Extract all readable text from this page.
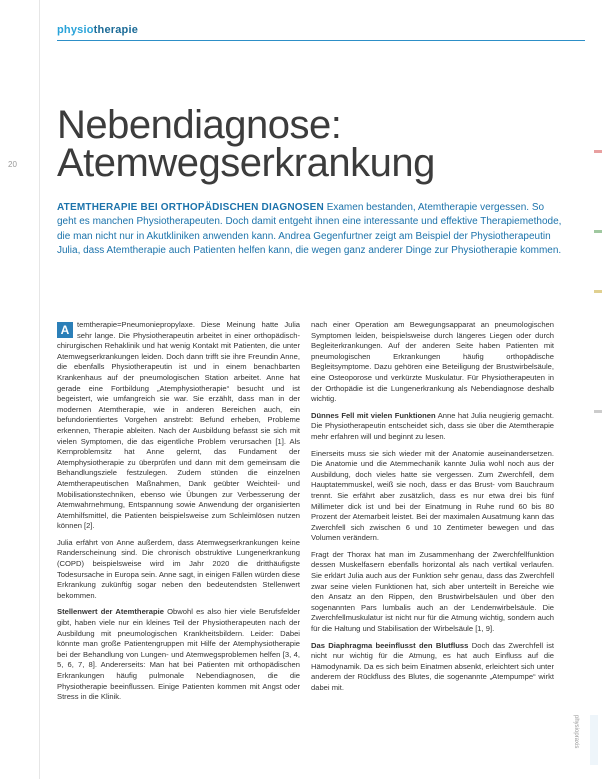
20
physiotherapie
Nebendiagnose:
Atemwegserkrankung
ATEMTHERAPIE BEI ORTHOPÄDISCHEN DIAGNOSEN Examen bestanden, Atemtherapie vergessen. So geht es manchen Physiotherapeuten. Doch damit entgeht ihnen eine interessante und effektive Therapiemethode, die man nicht nur in Akutkliniken anwenden kann. Andrea Gegenfurtner zeigt am Beispiel der Physiotherapeutin Julia, dass Atemtherapie auch Patienten helfen kann, die wegen ganz anderer Dinge zur Physiotherapie kommen.

A	temtherapie=Pneumoniepropylaxe. Diese Meinung hatte Julia sehr lange. Die Physiotherapeutin arbeitet in einer orthopädisch-chirurgischen Rehaklinik und hat wenig Kontakt mit Patienten, die unter Atemwegserkrankungen leiden. Doch dann trifft sie ihre Freundin Anne, die ebenfalls Physiotherapeutin ist und in einem benachbarten Krankenhaus auf der pneumologischen Station arbeitet. Anne hat gerade eine Fortbildung „Atemphysiotherapie“ besucht und ist begeistert, wie umfangreich sie war. Sie erzählt, dass man in der modernen Atemtherapie, wie in anderen Bereichen auch, ein befundorientiertes Vorgehen anstrebt: Befund erheben, Probleme erkennen, Therapie ableiten. Nach der Ausbildung befasst sie sich mit vielen Symptomen, die das eigentliche Problem verursachen [1]. Als Kernproblemsitz hat Anne gelernt, das Fundament der Atemphysiotherapie zu überprüfen und dann mit dem gemeinsam die Behandlungsziele festzulegen. Zudem stünden die einzelnen Atemtherapeutischen Maßnahmen, Dank geübter Weichteil- und Mobilisationstechniken, ebenso wie Übungen zur Verbesserung der Atemwahrnehmung, Entspannung sowie Anwendung der organisierten Atemhilfsmittel, die Patienten beispielsweise zum Schleimlösen nutzen können [2].

Julia erfährt von Anne außerdem, dass Atemwegserkrankungen keine Randerscheinung sind. Die chronisch obstruktive Lungenerkrankung (COPD) beispielsweise wird im Jahr 2020 die dritthäufigste Todesursache in Europa sein. Anne sagt, in einigen Fällen würden diese Erkrankung zukünftig sogar neben den bedeutendsten Stellenwert bekommen.

Stellenwert der Atemtherapie Obwohl es also hier viele Berufsfelder gibt, haben viele nur ein kleines Teil der Physiotherapeuten nach der Ausbildung mit pneumologischen Krankheitsbildern. Leider: Dabei könnte man große Patientengruppen mit Hilfe der Atemphysiotherapie bei der Behandlung von Lungen- und Atemwegsproblemen helfen [3, 4, 5, 6, 7, 8]. Andererseits: Man hat bei Patienten mit orthopädischen Erkrankungen häufig pulmonale Nebendiagnosen, die die Physiotherapie beeinflussen. Einige Patienten kommen mit Angst oder Stress in die Klinik.

nach einer Operation am Bewegungsapparat an pneumologischen Symptomen leiden, beispielsweise durch längeres Liegen oder durch Begleiterkrankungen. Auf der anderen Seite haben Patienten mit pneumologischen Erkrankungen häufig orthopädische Begleitsymptome. Dazu gehören eine Beteiligung der Brustwirbelsäule, eine Osteoporose und verkürzte Muskulatur. Für Physiotherapeuten in der Orthopädie ist die Lungenerkrankung als Nebendiagnose deshalb wichtig.

Dünnes Fell mit vielen Funktionen Anne hat Julia neugierig gemacht. Die Physiotherapeutin entscheidet sich, dass sie über die Atemtherapie mehr erfahren will und beginnt zu lesen.

Einerseits muss sie sich wieder mit der Anatomie auseinandersetzen. Die Anatomie und die Atemmechanik kannte Julia wohl noch aus der Ausbildung, doch vieles hatte sie vergessen. Zum Zwerchfell, dem Hauptatemmuskel, weiß sie noch, dass er das Brust- vom Bauchraum trennt. Sie erfährt aber zusätzlich, dass es nur etwa drei bis fünf Millimeter dick ist und bei der Einatmung in Ruhe rund 60 bis 80 Prozent der Atemarbeit leistet. Bei der maximalen Ausatmung kann das Zwerchfell sich zwischen 6 und 10 Zentimeter bewegen und das Volumen verändern.

Fragt der Thorax hat man im Zusammenhang der Zwerchfellfunktion dessen Muskelfasern ebenfalls horizontal als nach vertikal verlaufen. Sie erklärt Julia auch aus der Funktion sehr genau, dass das Zwerchfell zwar seine vielen Funktionen hat, sich aber unterteilt in Bereiche wie den Ansatz an den Rippen, den Brustwirbelsäulen und über den sogenannten Pars lumbalis auch an der Lendenwirbelsäule. Die Zwerchfellmuskulatur ist nicht nur für die Atmung wichtig, sondern auch für die Haltung und Stabilisation der Wirbelsäule [1, 9].

Das Diaphragma beeinflusst den Blutfluss Doch das Zwerchfell ist nicht nur wichtig für die Atmung, es hat auch Einfluss auf die Hämodynamik. Da es sich beim Einatmen absenkt, erleichtert sich unter anderem der Rückfluss des Blutes, die sogenannte „Atempumpe“ wirkt dabei mit.

physiopraxis
